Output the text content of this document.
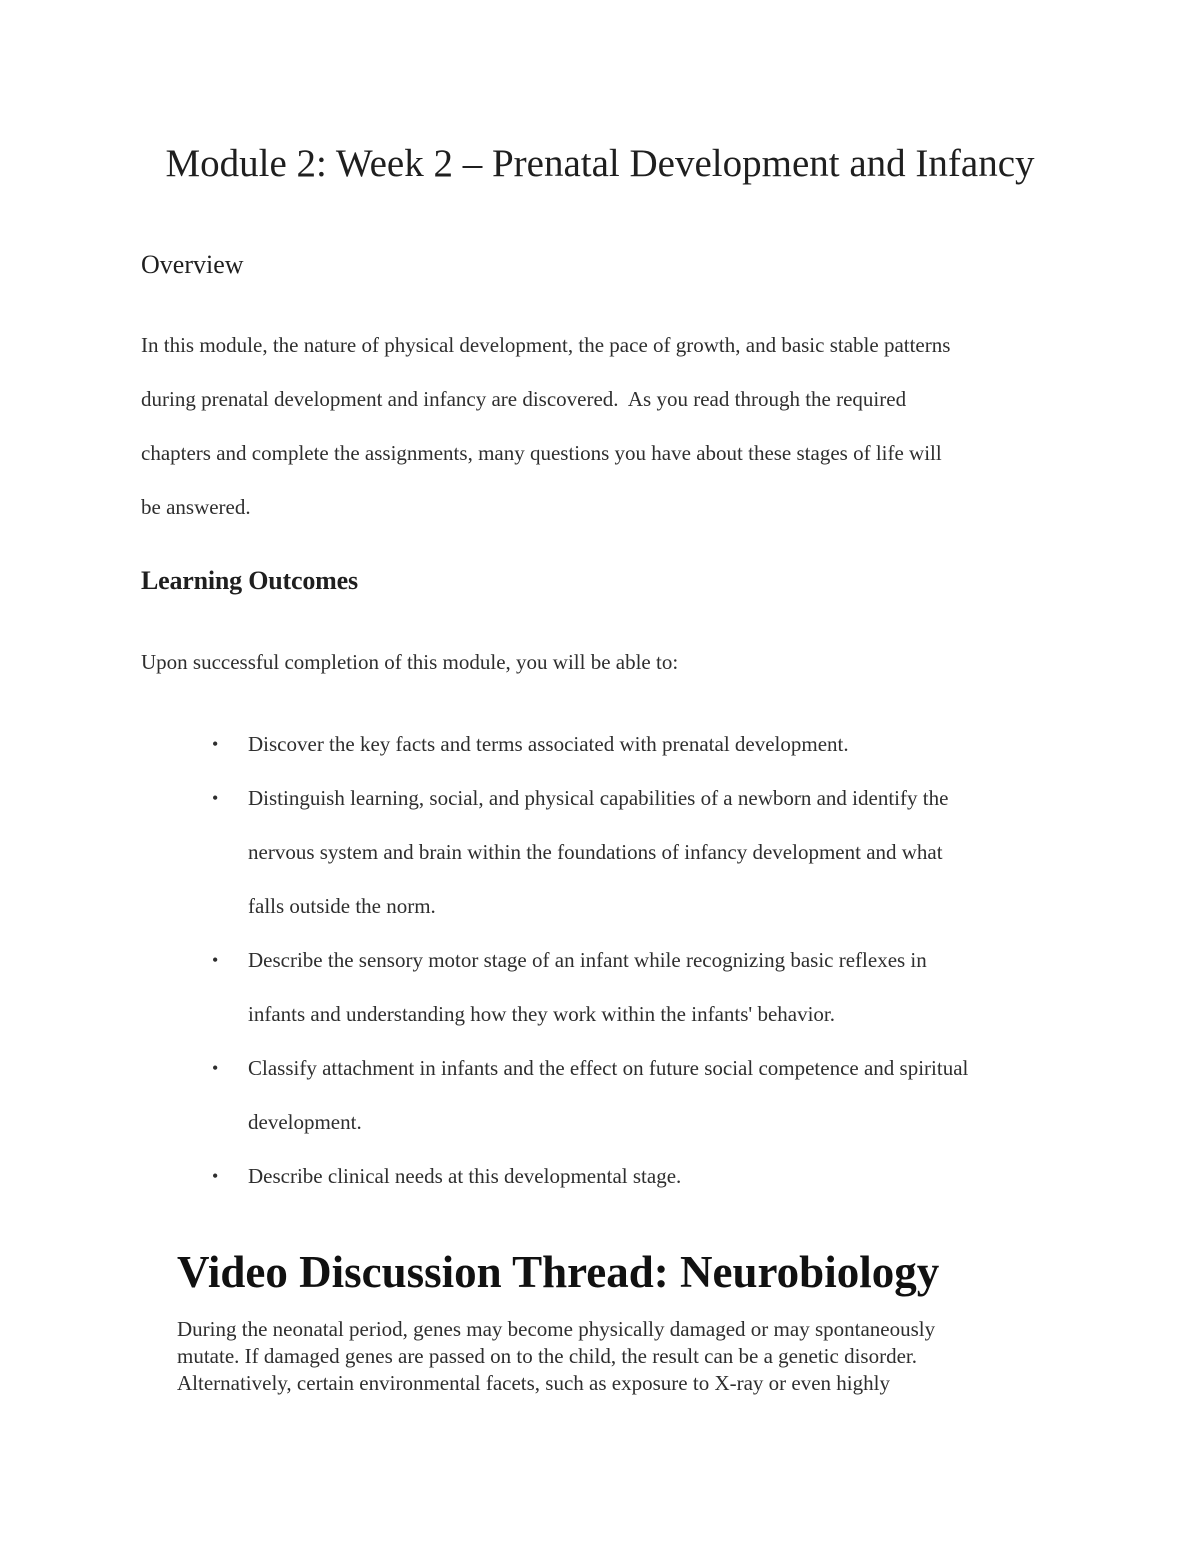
Module 2: Week 2 – Prenatal Development and Infancy
Overview

In this module, the nature of physical development, the pace of growth, and basic stable patterns
during prenatal development and infancy are discovered.  As you read through the required
chapters and complete the assignments, many questions you have about these stages of life will
be answered.

Learning Outcomes

Upon successful completion of this module, you will be able to:

• Discover the key facts and terms associated with prenatal development.
• Distinguish learning, social, and physical capabilities of a newborn and identify the
nervous system and brain within the foundations of infancy development and what
falls outside the norm.
• Describe the sensory motor stage of an infant while recognizing basic reflexes in
infants and understanding how they work within the infants' behavior.
• Classify attachment in infants and the effect on future social competence and spiritual
development.
• Describe clinical needs at this developmental stage.
Video Discussion Thread: Neurobiology

During the neonatal period, genes may become physically damaged or may spontaneously
mutate. If damaged genes are passed on to the child, the result can be a genetic disorder.
Alternatively, certain environmental facets, such as exposure to X-ray or even highly
